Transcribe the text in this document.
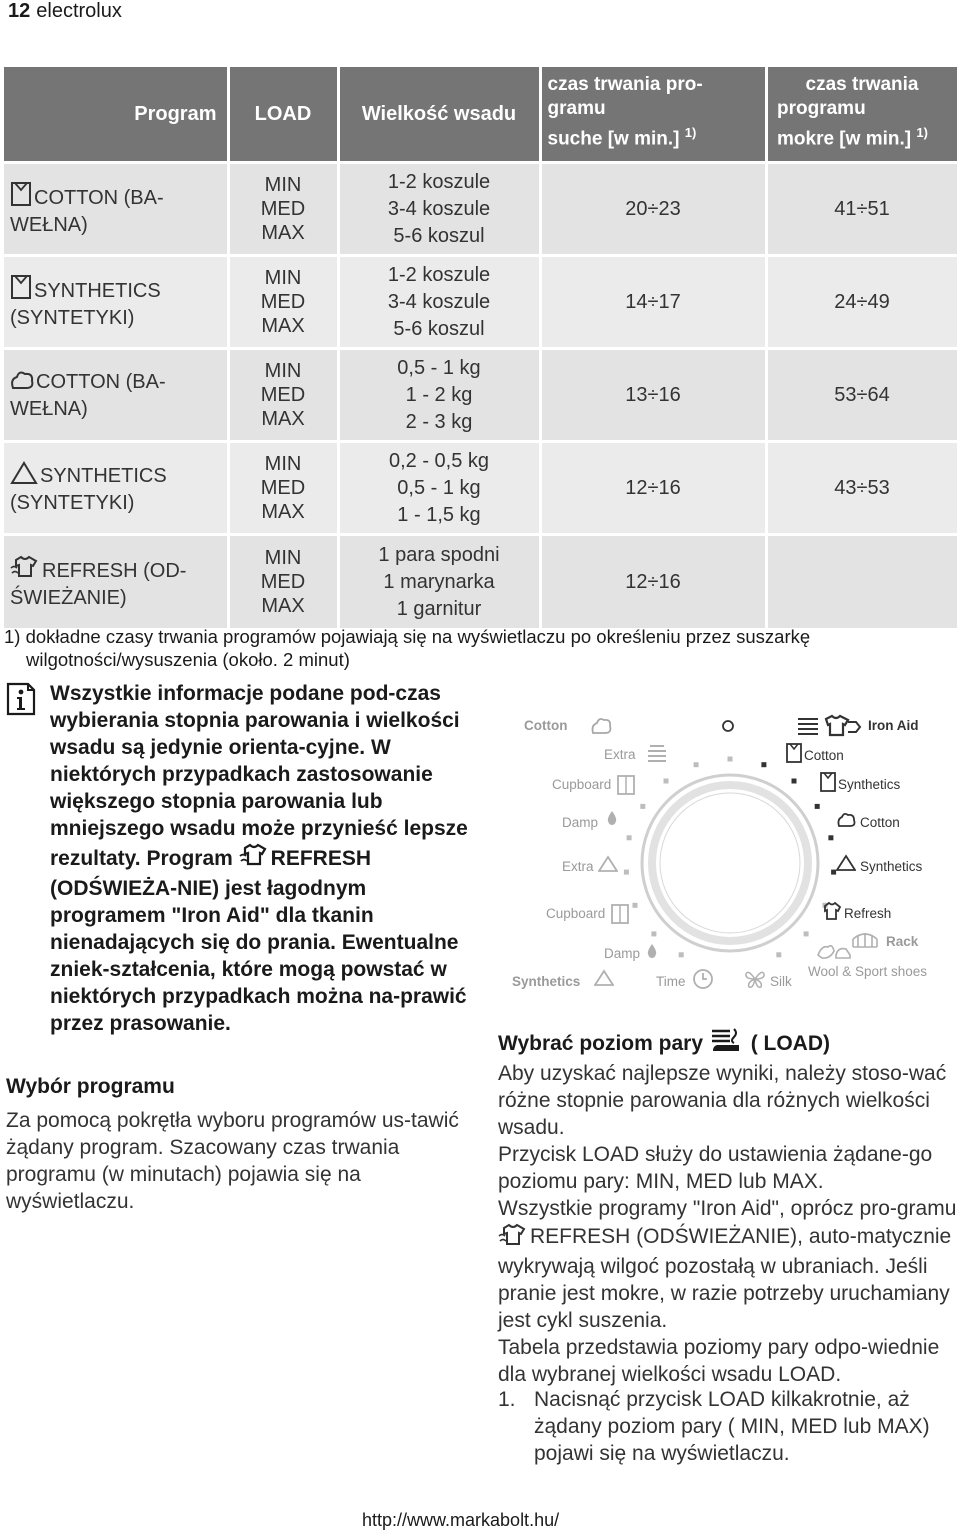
12 electrolux
Program	LOAD	Wielkość wsadu	czas trwania pro-
gramu
suche [w min.] $^{1)}$	czas trwania
programu
mokre [w min.] $^{1)}$
COTTON (BA-
WEŁNA)	MIN
MED
MAX	1-2 koszule
3-4 koszule
5-6 koszul	20÷23	41÷51
SYNTHETICS
(SYNTETYKI)	MIN
MED
MAX	1-2 koszule
3-4 koszule
5-6 koszul	14÷17	24÷49
COTTON (BA-
WEŁNA)	MIN
MED
MAX	0,5 - 1 kg
1 - 2 kg
2 - 3 kg	13÷16	53÷64
SYNTHETICS
(SYNTETYKI)	MIN
MED
MAX	0,2 - 0,5 kg
0,5 - 1 kg
1 - 1,5 kg	12÷16	43÷53
REFRESH (OD-
ŚWIEŻANIE)	MIN
MED
MAX	1 para spodni
1 marynarka
1 garnitur	12÷16	
1) dokładne czasy trwania programów pojawiają się na wyświetlaczu po określeniu przez suszarkę
wilgotności/wysuszenia (około. 2 minut)
Wszystkie informacje podane pod-czas wybierania stopnia parowania i wielkości wsadu są jedynie orienta-cyjne. W niektórych przypadkach zastosowanie większego stopnia parowania lub mniejszego wsadu może przynieść lepsze rezultaty. Program REFRESH (ODŚWIEŻA-NIE) jest łagodnym programem "Iron Aid" dla tkanin nienadających się do prania. Ewentualne zniek-ształcenia, które mogą powstać w niektórych przypadkach można na-prawić przez prasowanie.
Wybór programu
Za pomocą pokrętła wyboru programów us-tawić żądany program. Szacowany czas trwania programu (w minutach) pojawia się na wyświetlaczu.
Cotton
Extra
Cupboard
Damp
Extra
Cupboard
Damp
Synthetics	Time	Silk
Wool & Sport shoes
Rack
Refresh
Synthetics
Cotton
Synthetics
Cotton
Iron Aid
Wybrać poziom pary ( LOAD)
Aby uzyskać najlepsze wyniki, należy stoso-wać różne stopnie parowania dla różnych wielkości wsadu.
Przycisk LOAD służy do ustawienia żądane-go poziomu pary: MIN, MED lub MAX.
Wszystkie programy "Iron Aid", oprócz pro-gramu REFRESH (ODŚWIEŻANIE), auto-matycznie wykrywają wilgoć pozostałą w ubraniach. Jeśli pranie jest mokre, w razie potrzeby uruchamiany jest cykl suszenia.
Tabela przedstawia poziomy pary odpo-wiednie dla wybranej wielkości wsadu LOAD.
1. Nacisnąć przycisk LOAD kilkakrotnie, aż żądany poziom pary ( MIN, MED lub MAX) pojawi się na wyświetlaczu.
http://www.markabolt.hu/
